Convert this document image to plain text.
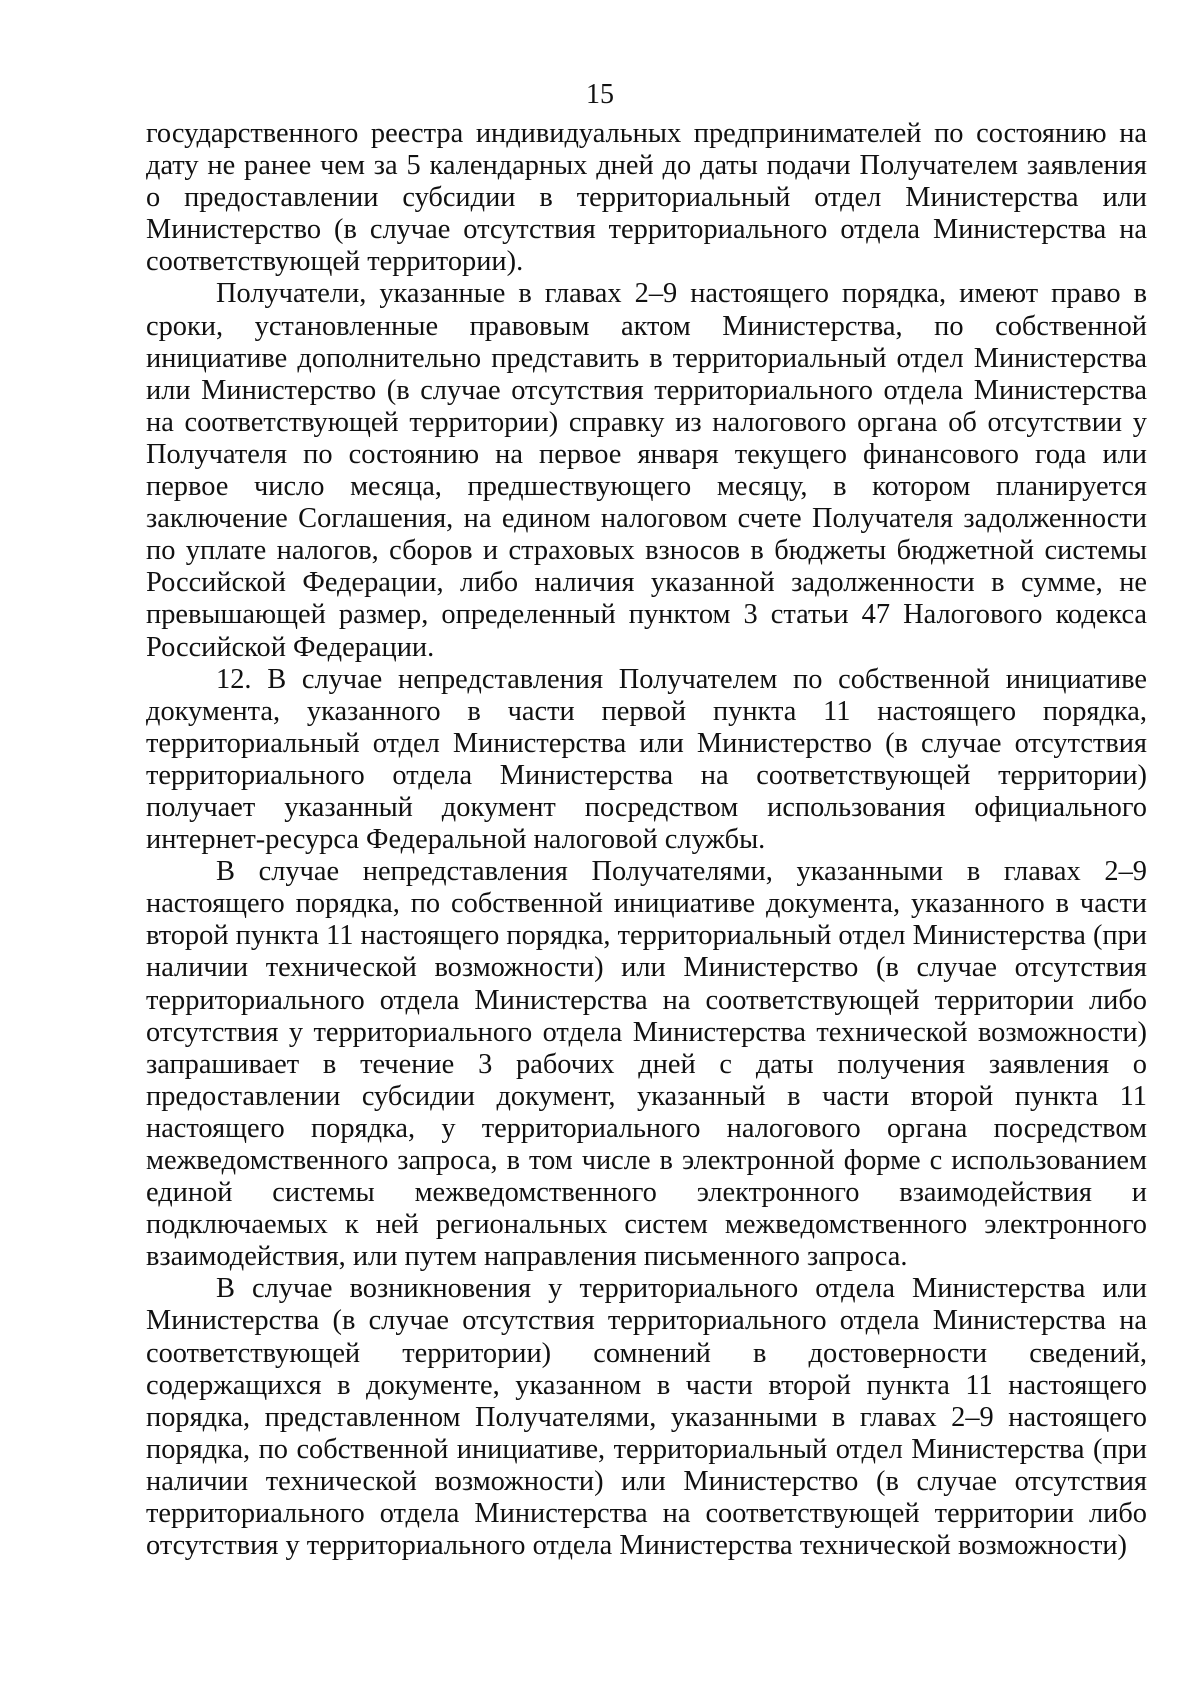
15

государственного реестра индивидуальных предпринимателей по состоянию на дату не ранее чем за 5 календарных дней до даты подачи Получателем заявления о предоставлении субсидии в территориальный отдел Министерства или Министерство (в случае отсутствия территориального отдела Министерства на соответствующей территории).

Получатели, указанные в главах 2–9 настоящего порядка, имеют право в сроки, установленные правовым актом Министерства, по собственной инициативе дополнительно представить в территориальный отдел Министерства или Министерство (в случае отсутствия территориального отдела Министерства на соответствующей территории) справку из налогового органа об отсутствии у Получателя по состоянию на первое января текущего финансового года или первое число месяца, предшествующего месяцу, в котором планируется заключение Соглашения, на едином налоговом счете Получателя задолженности по уплате налогов, сборов и страховых взносов в бюджеты бюджетной системы Российской Федерации, либо наличия указанной задолженности в сумме, не превышающей размер, определенный пунктом 3 статьи 47 Налогового кодекса Российской Федерации.

12. В случае непредставления Получателем по собственной инициативе документа, указанного в части первой пункта 11 настоящего порядка, территориальный отдел Министерства или Министерство (в случае отсутствия территориального отдела Министерства на соответствующей территории) получает указанный документ посредством использования официального интернет-ресурса Федеральной налоговой службы.

В случае непредставления Получателями, указанными в главах 2–9 настоящего порядка, по собственной инициативе документа, указанного в части второй пункта 11 настоящего порядка, территориальный отдел Министерства (при наличии технической возможности) или Министерство (в случае отсутствия территориального отдела Министерства на соответствующей территории либо отсутствия у территориального отдела Министерства технической возможности) запрашивает в течение 3 рабочих дней с даты получения заявления о предоставлении субсидии документ, указанный в части второй пункта 11 настоящего порядка, у территориального налогового органа посредством межведомственного запроса, в том числе в электронной форме с использованием единой системы межведомственного электронного взаимодействия и подключаемых к ней региональных систем межведомственного электронного взаимодействия, или путем направления письменного запроса.

В случае возникновения у территориального отдела Министерства или Министерства (в случае отсутствия территориального отдела Министерства на соответствующей территории) сомнений в достоверности сведений, содержащихся в документе, указанном в части второй пункта 11 настоящего порядка, представленном Получателями, указанными в главах 2–9 настоящего порядка, по собственной инициативе, территориальный отдел Министерства (при наличии технической возможности) или Министерство (в случае отсутствия территориального отдела Министерства на соответствующей территории либо отсутствия у территориального отдела Министерства технической возможности)
